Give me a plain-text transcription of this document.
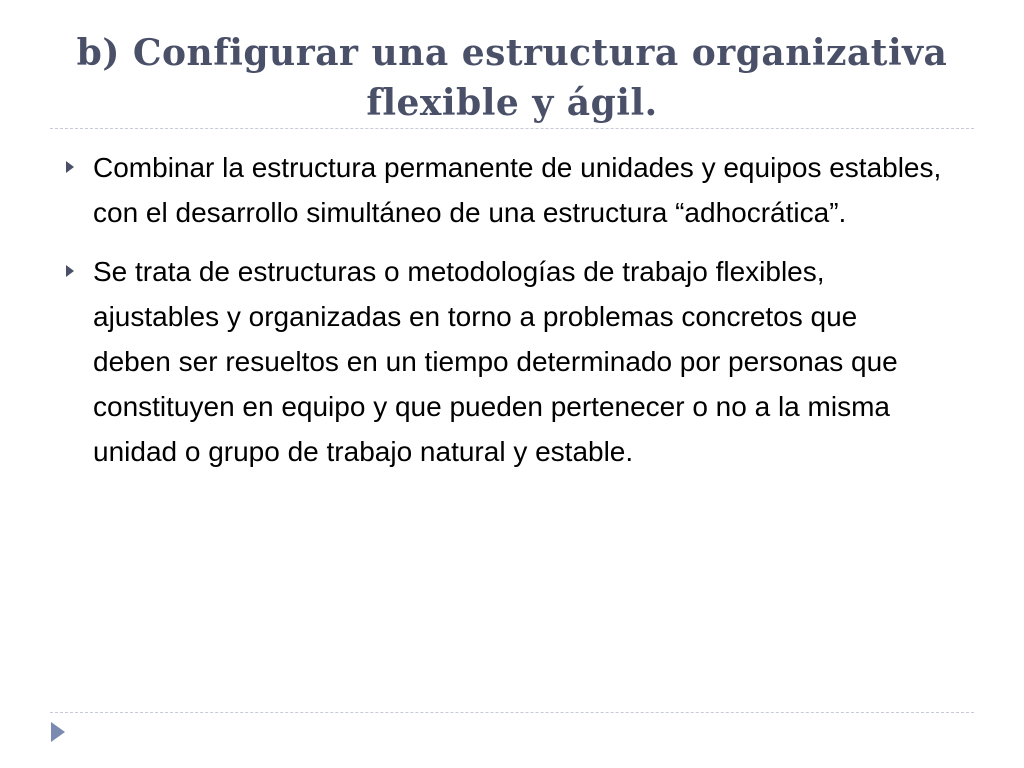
b) Configurar una estructura organizativa flexible y ágil.
Combinar la estructura permanente de unidades y equipos estables, con el desarrollo simultáneo de una estructura “adhocrática”.
Se trata de estructuras o metodologías de trabajo flexibles, ajustables y organizadas en torno a problemas concretos que deben ser resueltos en un tiempo determinado por personas que constituyen en equipo y que pueden pertenecer o no a la misma unidad o grupo de trabajo natural y estable.
